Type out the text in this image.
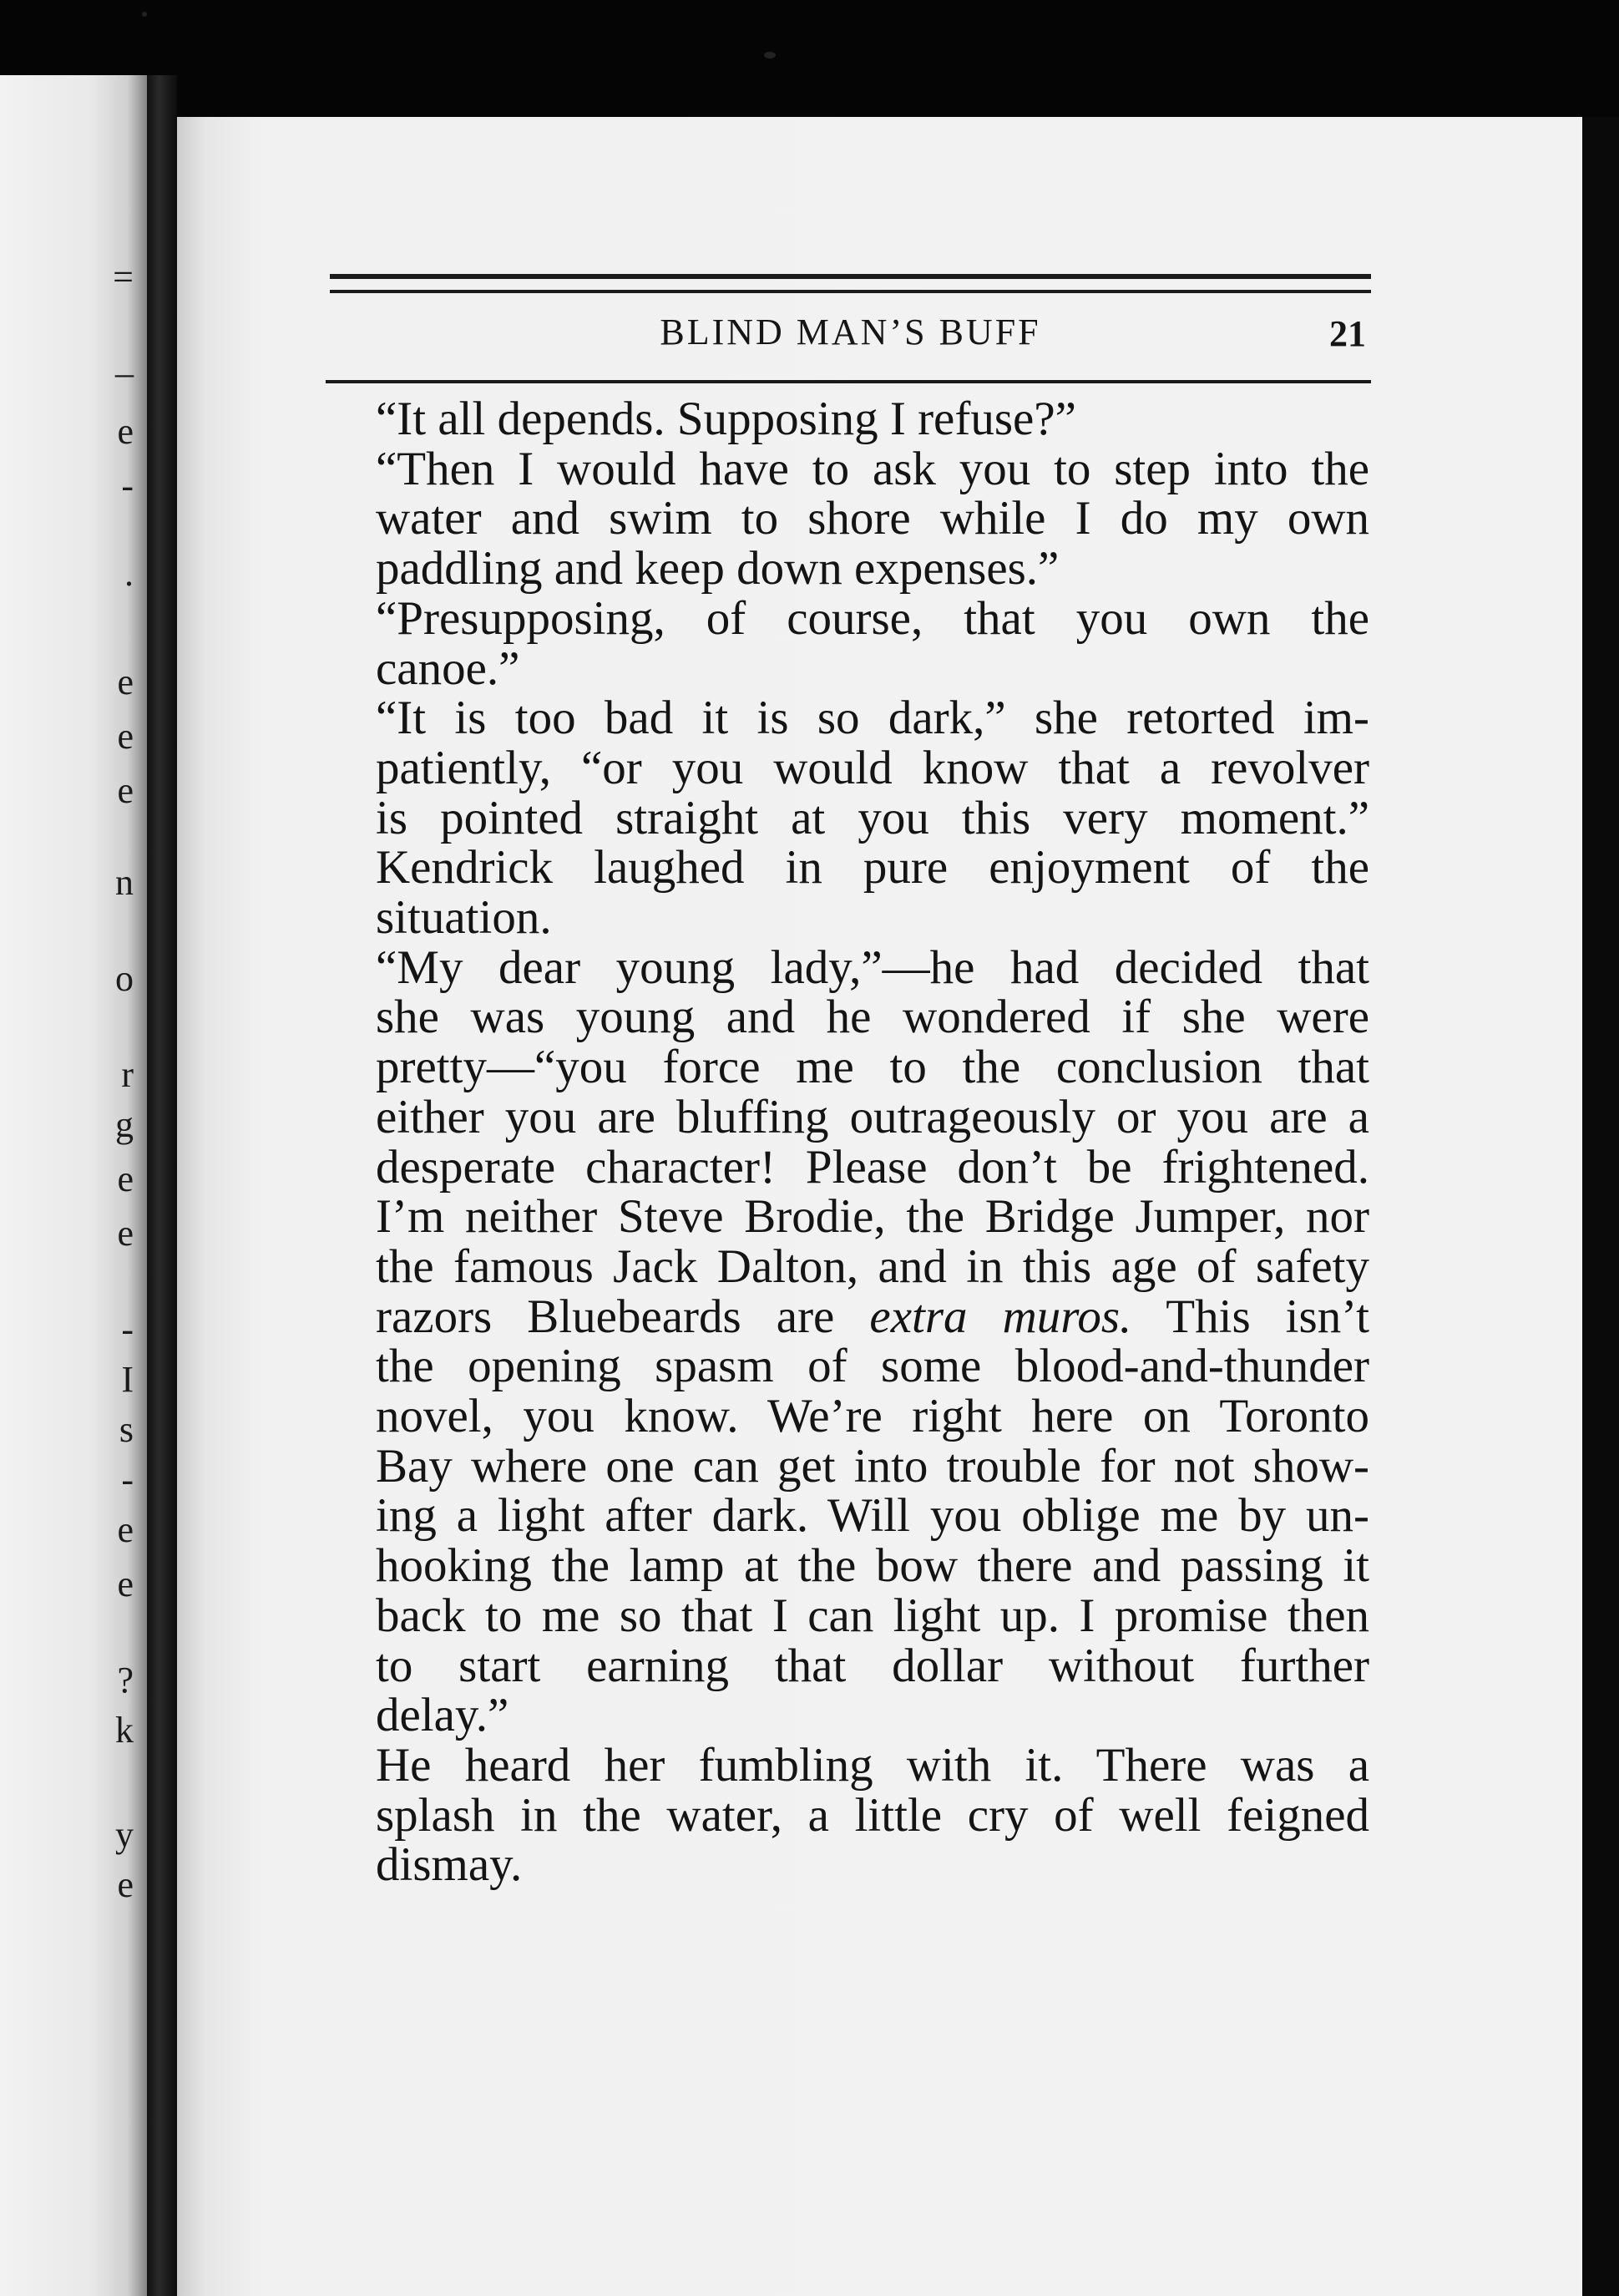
=
_
e
-
.
e
e
e
n
o
r
g
e
e
-
I
s
-
e
e
?
k
y
e
BLIND MAN’S BUFF	21

“It all depends. Supposing I refuse?”

“Then I would have to ask you to step into the
water and swim to shore while I do my own
paddling and keep down expenses.”

“Presupposing, of course, that you own the
canoe.”

“It is too bad it is so dark,” she retorted im-
patiently, “or you would know that a revolver
is pointed straight at you this very moment.”

Kendrick laughed in pure enjoyment of the
situation.

“My dear young lady,”—he had decided that
she was young and he wondered if she were
pretty—“you force me to the conclusion that
either you are bluffing outrageously or you are a
desperate character! Please don’t be frightened.
I’m neither Steve Brodie, the Bridge Jumper, nor
the famous Jack Dalton, and in this age of safety
razors Bluebeards are extra muros. This isn’t
the opening spasm of some blood-and-thunder
novel, you know. We’re right here on Toronto
Bay where one can get into trouble for not show-
ing a light after dark. Will you oblige me by un-
hooking the lamp at the bow there and passing it
back to me so that I can light up. I promise then
to start earning that dollar without further
delay.”

He heard her fumbling with it. There was a
splash in the water, a little cry of well feigned
dismay.
